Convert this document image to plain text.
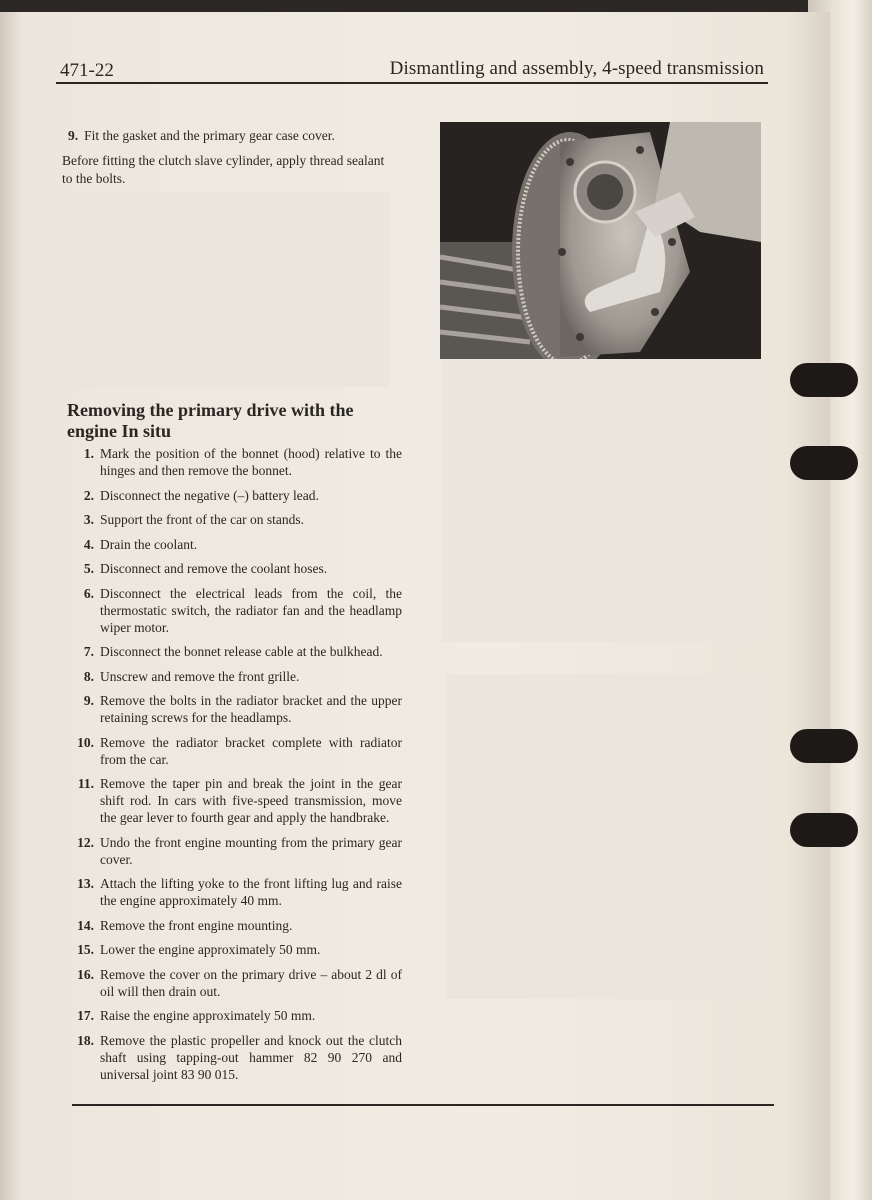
471-22	Dismantling and assembly, 4-speed transmission
9. Fit the gasket and the primary gear case cover.
Before fitting the clutch slave cylinder, apply thread sealant to the bolts.
Removing the primary drive with the engine In situ
1. Mark the position of the bonnet (hood) relative to the hinges and then remove the bonnet.
2. Disconnect the negative (–) battery lead.
3. Support the front of the car on stands.
4. Drain the coolant.
5. Disconnect and remove the coolant hoses.
6. Disconnect the electrical leads from the coil, the thermostatic switch, the radiator fan and the headlamp wiper motor.
7. Disconnect the bonnet release cable at the bulkhead.
8. Unscrew and remove the front grille.
9. Remove the bolts in the radiator bracket and the upper retaining screws for the headlamps.
10. Remove the radiator bracket complete with radiator from the car.
11. Remove the taper pin and break the joint in the gear shift rod. In cars with five-speed transmission, move the gear lever to fourth gear and apply the handbrake.
12. Undo the front engine mounting from the primary gear cover.
13. Attach the lifting yoke to the front lifting lug and raise the engine approximately 40 mm.
14. Remove the front engine mounting.
15. Lower the engine approximately 50 mm.
16. Remove the cover on the primary drive – about 2 dl of oil will then drain out.
17. Raise the engine approximately 50 mm.
18. Remove the plastic propeller and knock out the clutch shaft using tapping-out hammer 82 90 270 and universal joint 83 90 015.
